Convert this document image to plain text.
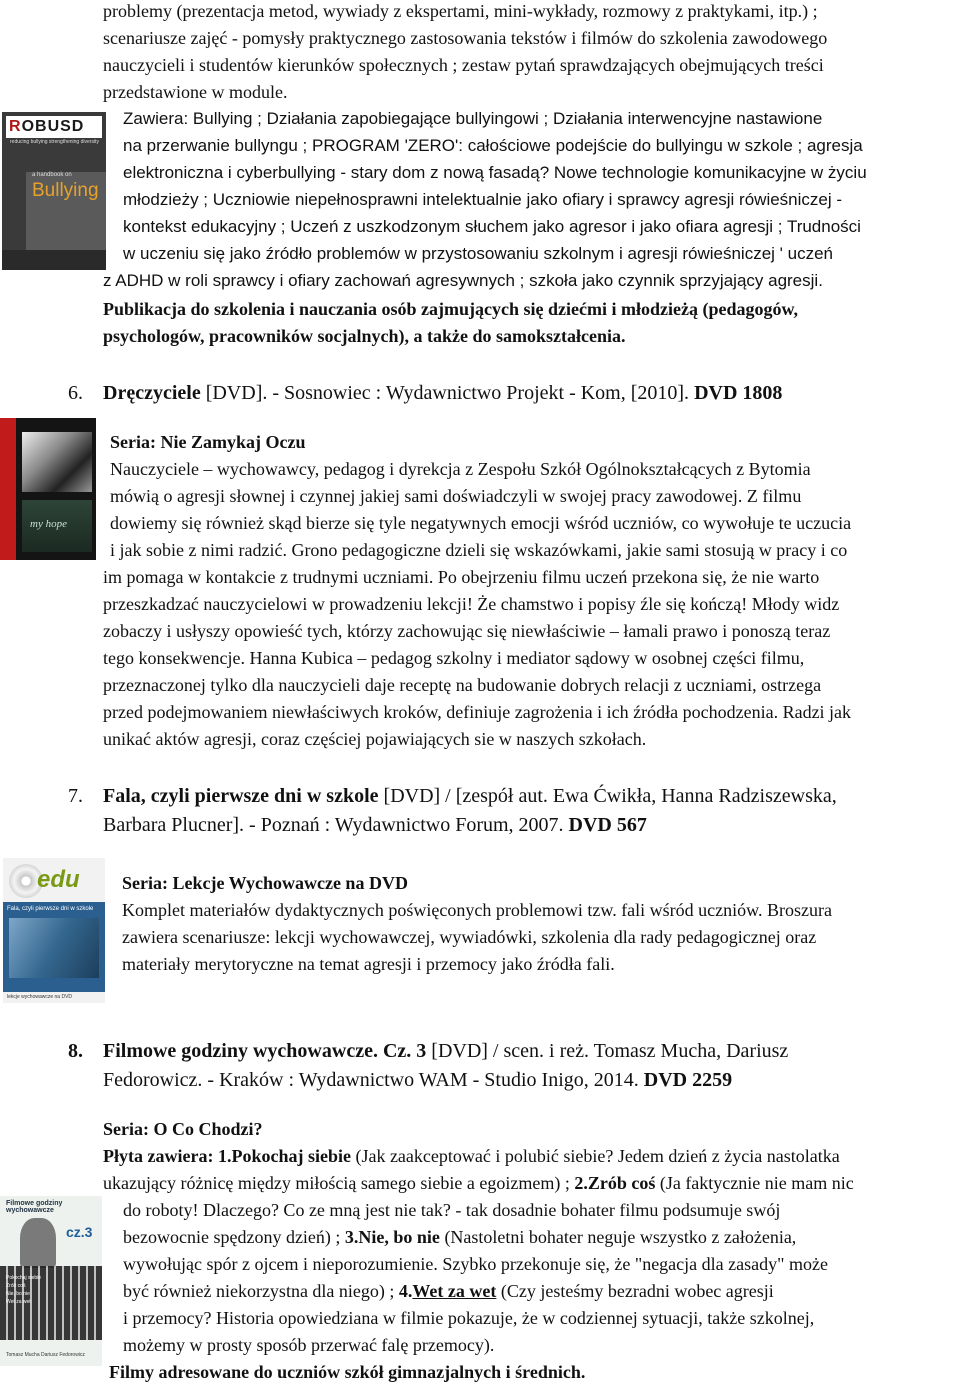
problemy (prezentacja metod, wywiady z ekspertami, mini-wykłady, rozmowy z praktykami, itp.) ;
scenariusze zajęć - pomysły praktycznego zastosowania tekstów i filmów do szkolenia zawodowego
nauczycieli i studentów kierunków społecznych ; zestaw pytań sprawdzających obejmujących treści
przedstawione w module.
ROBUSD
reducing bullying strengthening diversity
a handbook on
Bullying
Zawiera: Bullying ; Działania zapobiegające bullyingowi ; Działania interwencyjne nastawione
na przerwanie bullyngu ; PROGRAM 'ZERO': całościowe podejście do bullyingu w szkole ; agresja
elektroniczna i cyberbullying - stary dom z nową fasadą? Nowe technologie komunikacyjne w życiu
młodzieży ; Uczniowie niepełnosprawni intelektualnie jako ofiary i sprawcy agresji rówieśniczej -
kontekst edukacyjny ; Uczeń z uszkodzonym słuchem jako agresor i jako ofiara agresji ; Trudności
w uczeniu się jako źródło problemów w przystosowaniu szkolnym i agresji rówieśniczej ' uczeń
z ADHD w roli sprawcy i ofiary zachowań agresywnych ; szkoła jako czynnik sprzyjający agresji.
Publikacja do szkolenia i nauczania osób zajmujących się dziećmi i młodzieżą (pedagogów,
psychologów, pracowników socjalnych), a także do samokształcenia.
6. Dręczyciele [DVD]. - Sosnowiec : Wydawnictwo Projekt - Kom, [2010]. DVD 1808
my hope
Seria: Nie Zamykaj Oczu
Nauczyciele – wychowawcy, pedagog i dyrekcja z Zespołu Szkół Ogólnokształcących z Bytomia
mówią o agresji słownej i czynnej jakiej sami doświadczyli w swojej pracy zawodowej. Z filmu
dowiemy się również skąd bierze się tyle negatywnych emocji wśród uczniów, co wywołuje te uczucia
i jak sobie z nimi radzić. Grono pedagogiczne dzieli się wskazówkami, jakie sami stosują w pracy i co
im pomaga w kontakcie z trudnymi uczniami. Po obejrzeniu filmu uczeń przekona się, że nie warto
przeszkadzać nauczycielowi w prowadzeniu lekcji! Że chamstwo i popisy źle się kończą! Młody widz
zobaczy i usłyszy opowieść tych, którzy zachowując się niewłaściwie – łamali prawo i ponoszą teraz
tego konsekwencje. Hanna Kubica – pedagog szkolny i mediator sądowy w osobnej części filmu,
przeznaczonej tylko dla nauczycieli daje receptę na budowanie dobrych relacji z uczniami, ostrzega
przed podejmowaniem niewłaściwych kroków, definiuje zagrożenia i ich źródła pochodzenia. Radzi jak
unikać aktów agresji, coraz częściej pojawiających sie w naszych szkołach.
7. Fala, czyli pierwsze dni w szkole [DVD] / [zespół aut. Ewa Ćwikła, Hanna Radziszewska,
Barbara Plucner]. - Poznań : Wydawnictwo Forum, 2007. DVD 567
edu
Fala, czyli pierwsze dni w szkole
lekcje wychowawcze na DVD
Seria: Lekcje Wychowawcze na DVD
Komplet materiałów dydaktycznych poświęconych problemowi tzw. fali wśród uczniów. Broszura
zawiera scenariusze: lekcji wychowawczej, wywiadówki, szkolenia dla rady pedagogicznej oraz
materiały merytoryczne na temat agresji i przemocy jako źródła fali.
8. Filmowe godziny wychowawcze. Cz. 3 [DVD] / scen. i reż. Tomasz Mucha, Dariusz
Fedorowicz. - Kraków : Wydawnictwo WAM - Studio Inigo, 2014. DVD 2259
Seria: O Co Chodzi?
Płyta zawiera: 1.Pokochaj siebie (Jak zaakceptować i polubić siebie? Jedem dzień z życia nastolatka
ukazujący różnicę między miłością samego siebie a egoizmem) ; 2.Zrób coś (Ja faktycznie nie mam nic
do roboty! Dlaczego? Co ze mną jest nie tak? - tak dosadnie bohater filmu podsumuje swój
bezowocnie spędzony dzień) ; 3.Nie, bo nie (Nastoletni bohater neguje wszystko z założenia,
wywołując spór z ojcem i nieporozumienie. Szybko przekonuje się, że "negacja dla zasady" może
być również niekorzystna dla niego) ; 4.Wet za wet (Czy jesteśmy bezradni wobec agresji
i przemocy? Historia opowiedziana w filmie pokazuje, że w codziennej sytuacji, także szkolnej,
możemy w prosty sposób przerwać falę przemocy).
Filmy adresowane do uczniów szkół gimnazjalnych i średnich.
Filmowe godziny wychowawcze
cz.3
Pokochaj siebie
Zrób coś
Nie, bo nie
Wet za wet
Tomasz Mucha Dariusz Fedorowicz
